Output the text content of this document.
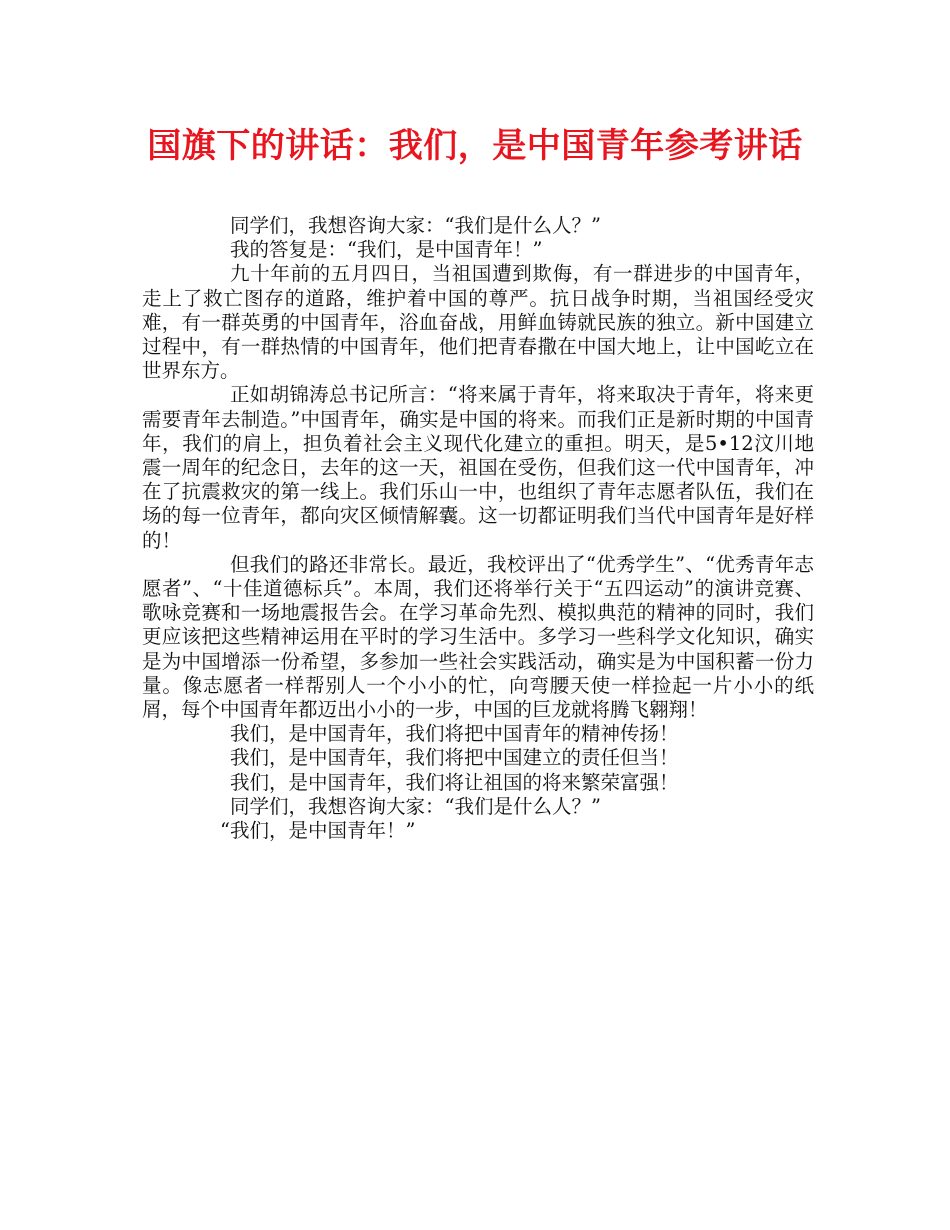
国旗下的讲话：我们，是中国青年参考讲话

同学们，我想咨询大家：“我们是什么人？”

我的答复是：“我们，是中国青年！”

九十年前的五月四日，当祖国遭到欺侮，有一群进步的中国青年，走上了救亡图存的道路，维护着中国的尊严。抗日战争时期，当祖国经受灾难，有一群英勇的中国青年，浴血奋战，用鲜血铸就民族的独立。新中国建立过程中，有一群热情的中国青年，他们把青春撒在中国大地上，让中国屹立在世界东方。

正如胡锦涛总书记所言：“将来属于青年，将来取决于青年，将来更需要青年去制造。”中国青年，确实是中国的将来。而我们正是新时期的中国青年，我们的肩上，担负着社会主义现代化建立的重担。明天，是5•12汶川地震一周年的纪念日，去年的这一天，祖国在受伤，但我们这一代中国青年，冲在了抗震救灾的第一线上。我们乐山一中，也组织了青年志愿者队伍，我们在场的每一位青年，都向灾区倾情解囊。这一切都证明我们当代中国青年是好样的！

但我们的路还非常长。最近，我校评出了“优秀学生”、“优秀青年志愿者”、“十佳道德标兵”。本周，我们还将举行关于“五四运动”的演讲竞赛、歌咏竞赛和一场地震报告会。在学习革命先烈、模拟典范的精神的同时，我们更应该把这些精神运用在平时的学习生活中。多学习一些科学文化知识，确实是为中国增添一份希望，多参加一些社会实践活动，确实是为中国积蓄一份力量。像志愿者一样帮别人一个小小的忙，向弯腰天使一样捡起一片小小的纸屑，每个中国青年都迈出小小的一步，中国的巨龙就将腾飞翱翔！

我们，是中国青年，我们将把中国青年的精神传扬！

我们，是中国青年，我们将把中国建立的责任但当！

我们，是中国青年，我们将让祖国的将来繁荣富强！

同学们，我想咨询大家：“我们是什么人？”

“我们，是中国青年！”
